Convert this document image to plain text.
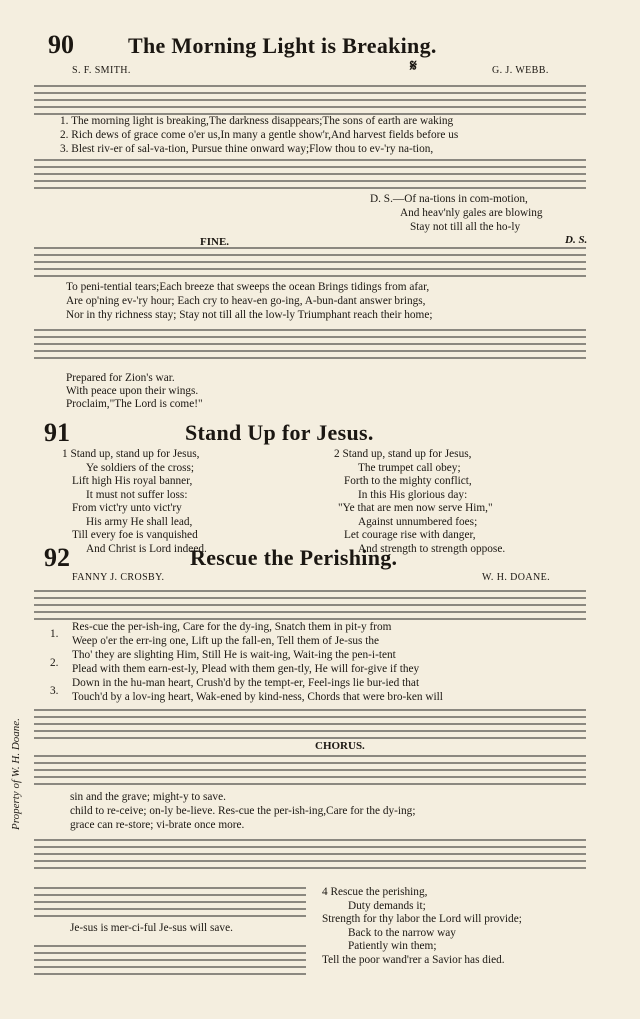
90 The Morning Light is Breaking.
S. F. SMITH.	𝄋	G. J. WEBB.
1. The morning light is breaking,The darkness disappears;The sons of earth are waking
2. Rich dews of grace come o'er us,In many a gentle show'r,And harvest fields before us
3. Blest riv-er of sal-va-tion, Pursue thine onward way;Flow thou to ev-'ry na-tion,
D. S.—Of na-tions in com-motion,
And heav'nly gales are blowing
Stay not till all the ho-ly
FINE.	D. S.
To peni-tential tears;Each breeze that sweeps the ocean Brings tidings from afar,
Are op'ning ev-'ry hour; Each cry to heav-en go-ing, A-bun-dant answer brings,
Nor in thy richness stay; Stay not till all the low-ly Triumphant reach their home;
Prepared for Zion's war.
With peace upon their wings.
Proclaim,"The Lord is come!"
91	Stand Up for Jesus.
1 Stand up, stand up for Jesus,
Ye soldiers of the cross;
Lift high His royal banner,
It must not suffer loss:
From vict'ry unto vict'ry
His army He shall lead,
Till every foe is vanquished
And Christ is Lord indeed.
2 Stand up, stand up for Jesus,
The trumpet call obey;
Forth to the mighty conflict,
In this His glorious day:
"Ye that are men now serve Him,"
Against unnumbered foes;
Let courage rise with danger,
And strength to strength oppose.
92	Rescue the Perishing.
FANNY J. CROSBY.	W. H. DOANE.
1.
2.
3.
Res-cue the per-ish-ing, Care for the dy-ing, Snatch them in pit-y from
Weep o'er the err-ing one, Lift up the fall-en, Tell them of Je-sus the
Tho' they are slighting Him, Still He is wait-ing, Wait-ing the pen-i-tent
Plead with them earn-est-ly, Plead with them gen-tly, He will for-give if they
Down in the hu-man heart, Crush'd by the tempt-er, Feel-ings lie bur-ied that
Touch'd by a lov-ing heart, Wak-ened by kind-ness, Chords that were bro-ken will
CHORUS.
sin and the grave; might-y to save.
child to re-ceive; on-ly be-lieve. Res-cue the per-ish-ing,Care for the dy-ing;
grace can re-store; vi-brate once more.
Je-sus is mer-ci-ful Je-sus will save.
4 Rescue the perishing,
Duty demands it;
Strength for thy labor the Lord will provide;
Back to the narrow way
Patiently win them;
Tell the poor wand'rer a Savior has died.
Property of W. H. Doane.
